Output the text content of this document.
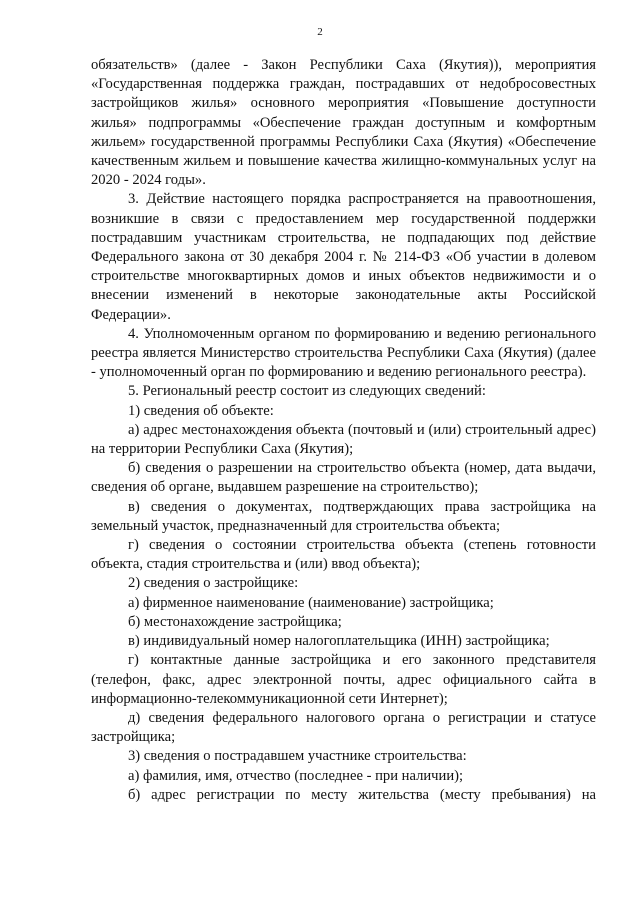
2

обязательств» (далее - Закон Республики Саха (Якутия)), мероприятия «Государственная поддержка граждан, пострадавших от недобросовестных застройщиков жилья» основного мероприятия «Повышение доступности жилья» подпрограммы «Обеспечение граждан доступным и комфортным жильем» государственной программы Республики Саха (Якутия) «Обеспечение качественным жильем и повышение качества жилищно-коммунальных услуг на 2020 - 2024 годы».

3. Действие настоящего порядка распространяется на правоотношения, возникшие в связи с предоставлением мер государственной поддержки пострадавшим участникам строительства, не подпадающих под действие Федерального закона от 30 декабря 2004 г. № 214-ФЗ «Об участии в долевом строительстве многоквартирных домов и иных объектов недвижимости и о внесении изменений в некоторые законодательные акты Российской Федерации».

4. Уполномоченным органом по формированию и ведению регионального реестра является Министерство строительства Республики Саха (Якутия) (далее - уполномоченный орган по формированию и ведению регионального реестра).

5. Региональный реестр состоит из следующих сведений:

1) сведения об объекте:

а) адрес местонахождения объекта (почтовый и (или) строительный адрес) на территории Республики Саха (Якутия);

б) сведения о разрешении на строительство объекта (номер, дата выдачи, сведения об органе, выдавшем разрешение на строительство);

в) сведения о документах, подтверждающих права застройщика на земельный участок, предназначенный для строительства объекта;

г) сведения о состоянии строительства объекта (степень готовности объекта, стадия строительства и (или) ввод объекта);

2) сведения о застройщике:

а) фирменное наименование (наименование) застройщика;

б) местонахождение застройщика;

в) индивидуальный номер налогоплательщика (ИНН) застройщика;

г) контактные данные застройщика и его законного представителя (телефон, факс, адрес электронной почты, адрес официального сайта в информационно-телекоммуникационной сети Интернет);

д) сведения федерального налогового органа о регистрации и статусе застройщика;

3) сведения о пострадавшем участнике строительства:

а) фамилия, имя, отчество (последнее - при наличии);

б) адрес регистрации по месту жительства (месту пребывания) на
